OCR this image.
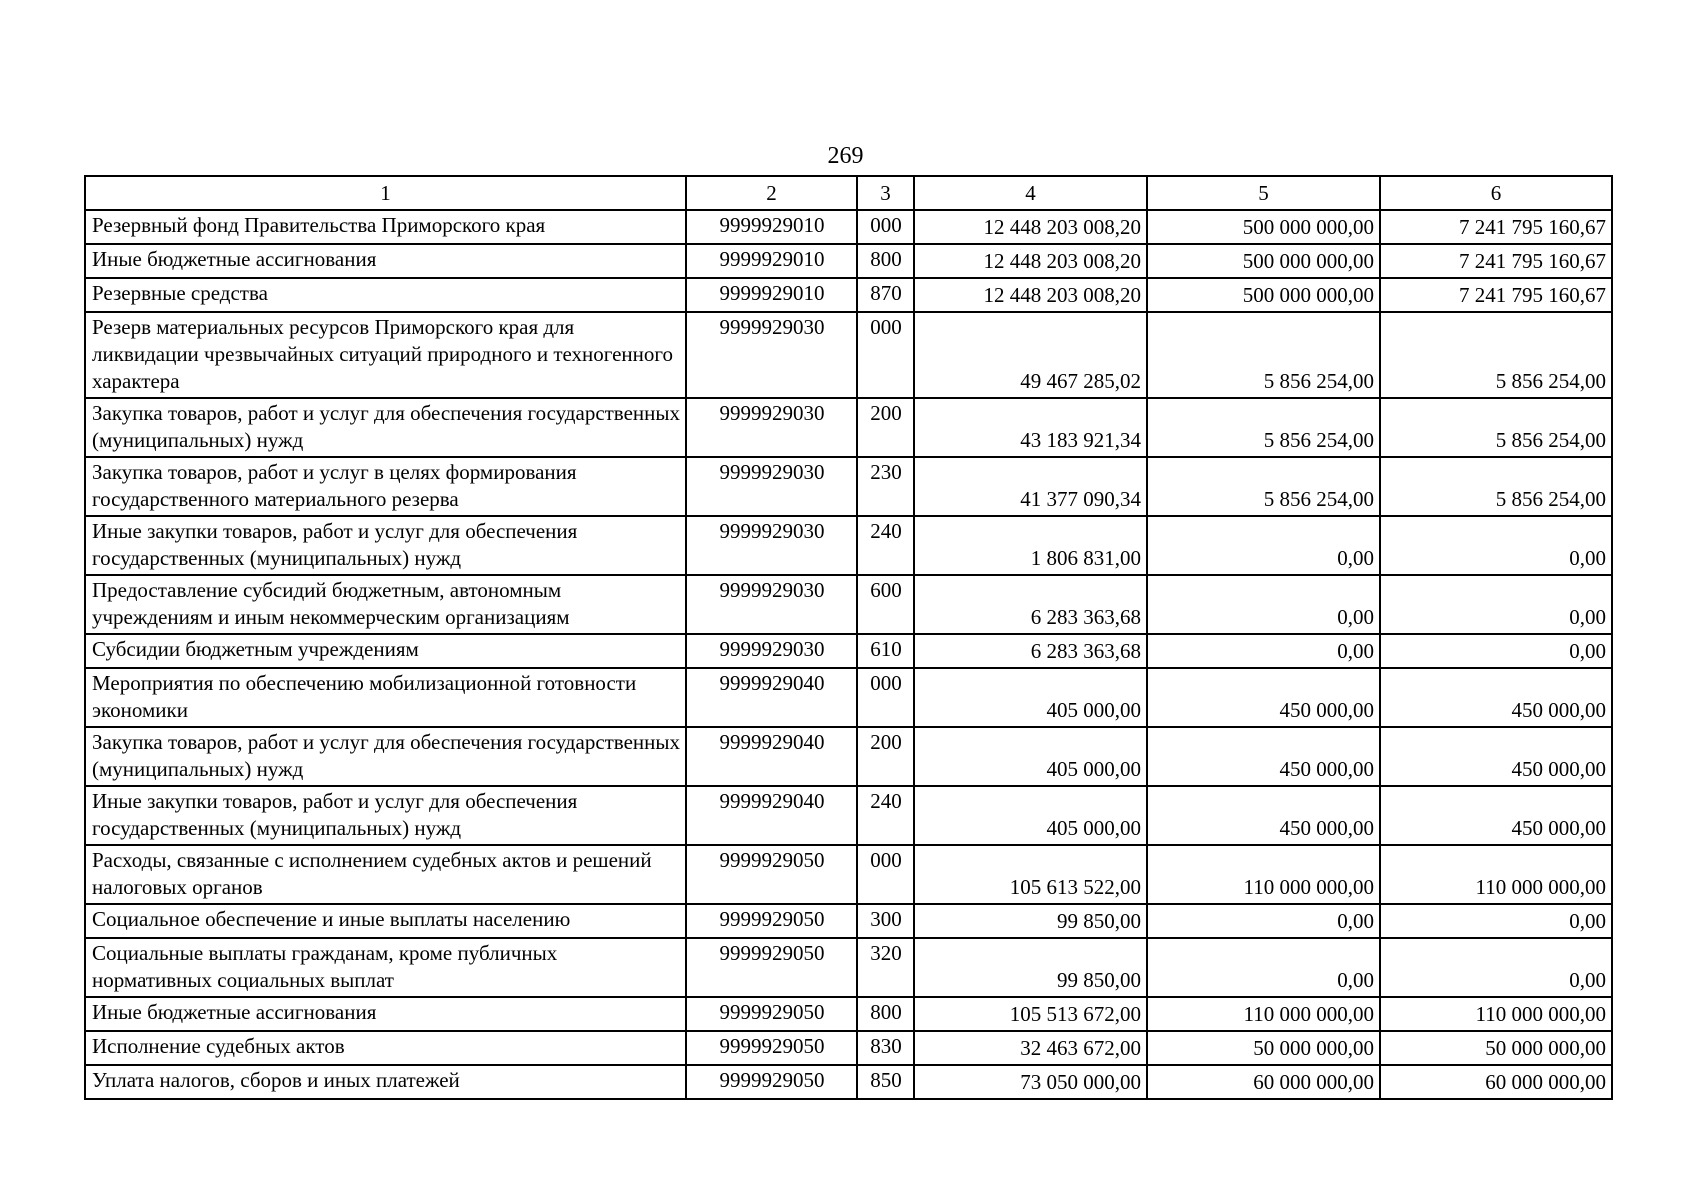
269
1	2	3	4	5	6
Резервный фонд Правительства Приморского края	9999929010	000	12 448 203 008,20	500 000 000,00	7 241 795 160,67
Иные бюджетные ассигнования	9999929010	800	12 448 203 008,20	500 000 000,00	7 241 795 160,67
Резервные средства	9999929010	870	12 448 203 008,20	500 000 000,00	7 241 795 160,67
Резерв материальных ресурсов Приморского края для ликвидации чрезвычайных ситуаций природного и техногенного характера	9999929030	000	49 467 285,02	5 856 254,00	5 856 254,00
Закупка товаров, работ и услуг для обеспечения государственных (муниципальных) нужд	9999929030	200	43 183 921,34	5 856 254,00	5 856 254,00
Закупка товаров, работ и услуг в целях формирования государственного материального резерва	9999929030	230	41 377 090,34	5 856 254,00	5 856 254,00
Иные закупки товаров, работ и услуг для обеспечения государственных (муниципальных) нужд	9999929030	240	1 806 831,00	0,00	0,00
Предоставление субсидий бюджетным, автономным учреждениям и иным некоммерческим организациям	9999929030	600	6 283 363,68	0,00	0,00
Субсидии бюджетным учреждениям	9999929030	610	6 283 363,68	0,00	0,00
Мероприятия по обеспечению мобилизационной готовности экономики	9999929040	000	405 000,00	450 000,00	450 000,00
Закупка товаров, работ и услуг для обеспечения государственных (муниципальных) нужд	9999929040	200	405 000,00	450 000,00	450 000,00
Иные закупки товаров, работ и услуг для обеспечения государственных (муниципальных) нужд	9999929040	240	405 000,00	450 000,00	450 000,00
Расходы, связанные с исполнением судебных актов и решений налоговых органов	9999929050	000	105 613 522,00	110 000 000,00	110 000 000,00
Социальное обеспечение и иные выплаты населению	9999929050	300	99 850,00	0,00	0,00
Социальные выплаты гражданам, кроме публичных нормативных социальных выплат	9999929050	320	99 850,00	0,00	0,00
Иные бюджетные ассигнования	9999929050	800	105 513 672,00	110 000 000,00	110 000 000,00
Исполнение судебных актов	9999929050	830	32 463 672,00	50 000 000,00	50 000 000,00
Уплата налогов, сборов и иных платежей	9999929050	850	73 050 000,00	60 000 000,00	60 000 000,00
